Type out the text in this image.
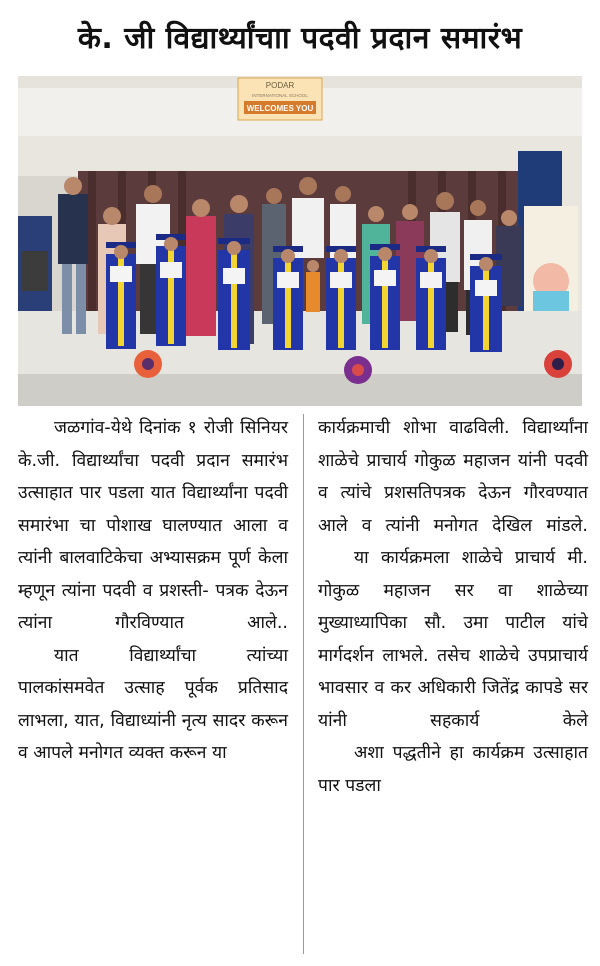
के. जी विद्यार्थ्यांचाा पदवी प्रदान समारंभ
PODAR
INTERNATIONAL SCHOOL
WELCOMES YOU

जळगांव-येथे दिनांक १ रोजी सिनियर के.जी. विद्यार्थ्यांचा पदवी प्रदान समारंभ उत्साहात पार पडला यात विद्यार्थ्यांना पदवी समारंभा चा पोशाख घालण्यात आला व त्यांनी बालवाटिकेचा अभ्यासक्रम पूर्ण केला म्हणून त्यांना पदवी व प्रशस्ती- पत्रक देऊन त्यांना गौरविण्यात आले..

यात विद्यार्थ्यांचा त्यांच्या पालकांसमवेत उत्साह पूर्वक प्रतिसाद लाभला, यात, विद्याध्यांनी नृत्य सादर करून व आपले मनोगत व्यक्त करून या

कार्यक्रमाची शोभा वाढविली. विद्यार्थ्यांना शाळेचे प्राचार्य गोकुळ महाजन यांनी पदवी व त्यांचे प्रशसतिपत्रक देऊन गौरवण्यात आले व त्यांनी मनोगत देखिल मांडले.

या कार्यक्रमला शाळेचे प्राचार्य मी. गोकुळ महाजन सर वा शाळेच्या मुख्याध्यापिका सौ. उमा पाटील यांचे मार्गदर्शन लाभले. तसेच शाळेचे उपप्राचार्य भावसार व कर अधिकारी जितेंद्र कापडे सर यांनी सहकार्य केले

अशा पद्धतीने हा कार्यक्रम उत्साहात पार पडला
